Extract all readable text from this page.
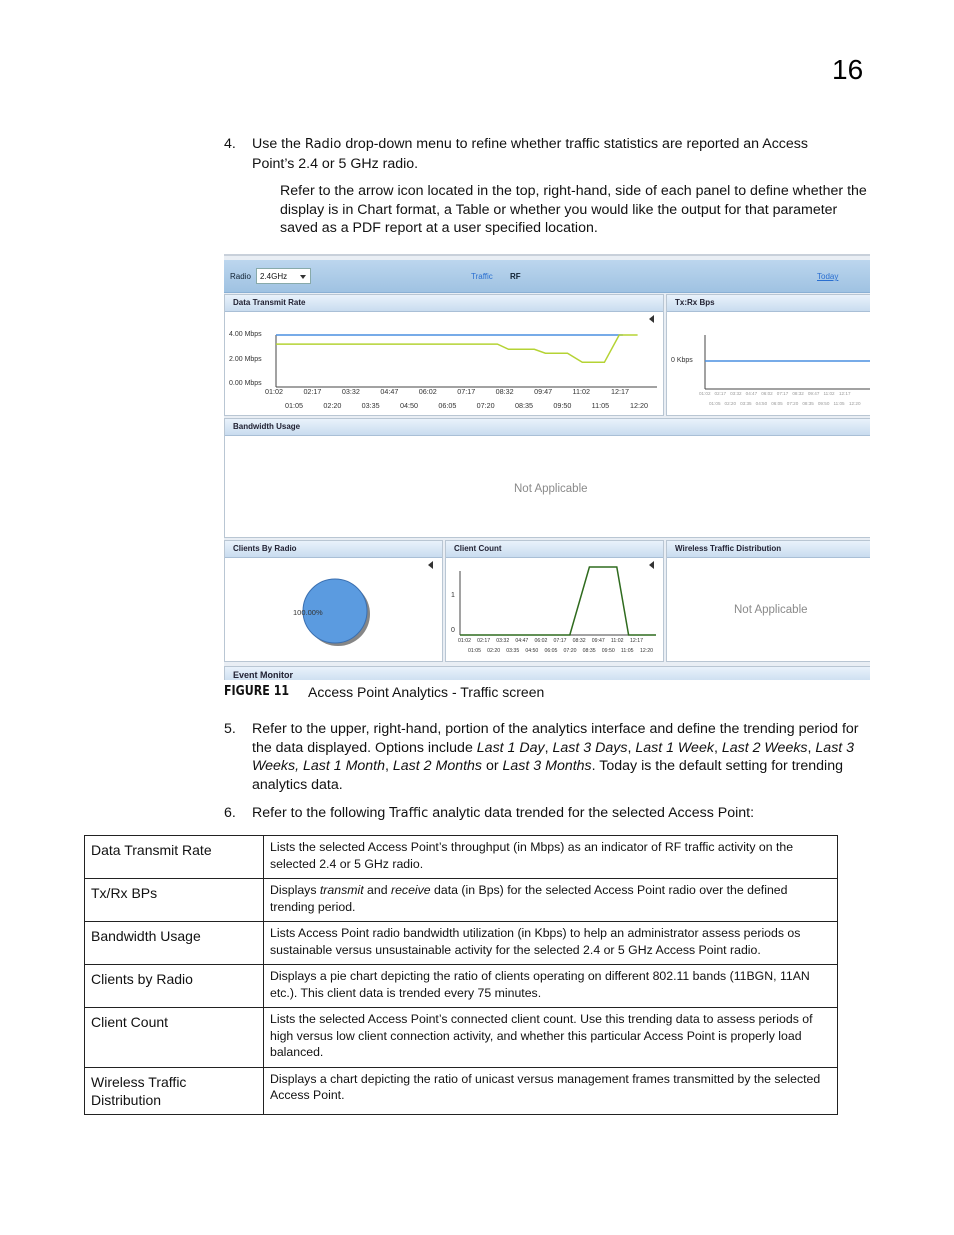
16
4. Use the Radio drop-down menu to refine whether traffic statistics are reported an Access Point’s 2.4 or 5 GHz radio.
Refer to the arrow icon located in the top, right-hand, side of each panel to define whether the display is in Chart format, a Table or whether you would like the output for that parameter saved as a PDF report at a user specified location.
Radio	2.4GHz	Traffic RF	Today
Data Transmit Rate
4.00 Mbps
2.00 Mbps
0.00 Mbps
01:02	02:17	03:32	04:47	06:02	07:17	08:32	09:47	11:02	12:17
01:05	02:20	03:35	04:50	06:05	07:20	08:35	09:50	11:05	12:20
Tx:Rx Bps
0 Kbps
01:02 02:17 03:32 04:47 06:02 07:17 08:32 09:47 11:02 12:17
01:05 02:20 03:35 04:50 06:05 07:20 08:35 09:50 11:05 12:20
Bandwidth Usage
Not Applicable
Clients By Radio
100.00%
Client Count
1
0
01:02 02:17 03:32 04:47 06:02 07:17 08:32 09:47 11:02 12:17
01:05 02:20 03:35 04:50 06:05 07:20 08:35 09:50 11:05 12:20
Wireless Traffic Distribution
Not Applicable
Event Monitor
FIGURE 11 Access Point Analytics - Traffic screen
5. Refer to the upper, right-hand, portion of the analytics interface and define the trending period for the data displayed. Options include Last 1 Day, Last 3 Days, Last 1 Week, Last 2 Weeks, Last 3 Weeks, Last 1 Month, Last 2 Months or Last 3 Months. Today is the default setting for trending analytics data.
6. Refer to the following Traffic analytic data trended for the selected Access Point:
Data Transmit Rate	Lists the selected Access Point’s throughput (in Mbps) as an indicator of RF traffic activity on the selected 2.4 or 5 GHz radio.
Tx/Rx BPs	Displays transmit and receive data (in Bps) for the selected Access Point radio over the defined trending period.
Bandwidth Usage	Lists Access Point radio bandwidth utilization (in Kbps) to help an administrator assess periods os sustainable versus unsustainable activity for the selected 2.4 or 5 GHz Access Point radio.
Clients by Radio	Displays a pie chart depicting the ratio of clients operating on different 802.11 bands (11BGN, 11AN etc.). This client data is trended every 75 minutes.
Client Count	Lists the selected Access Point’s connected client count. Use this trending data to assess periods of high versus low client connection activity, and whether this particular Access Point is properly load balanced.
Wireless Traffic Distribution	Displays a chart depicting the ratio of unicast versus management frames transmitted by the selected Access Point.
